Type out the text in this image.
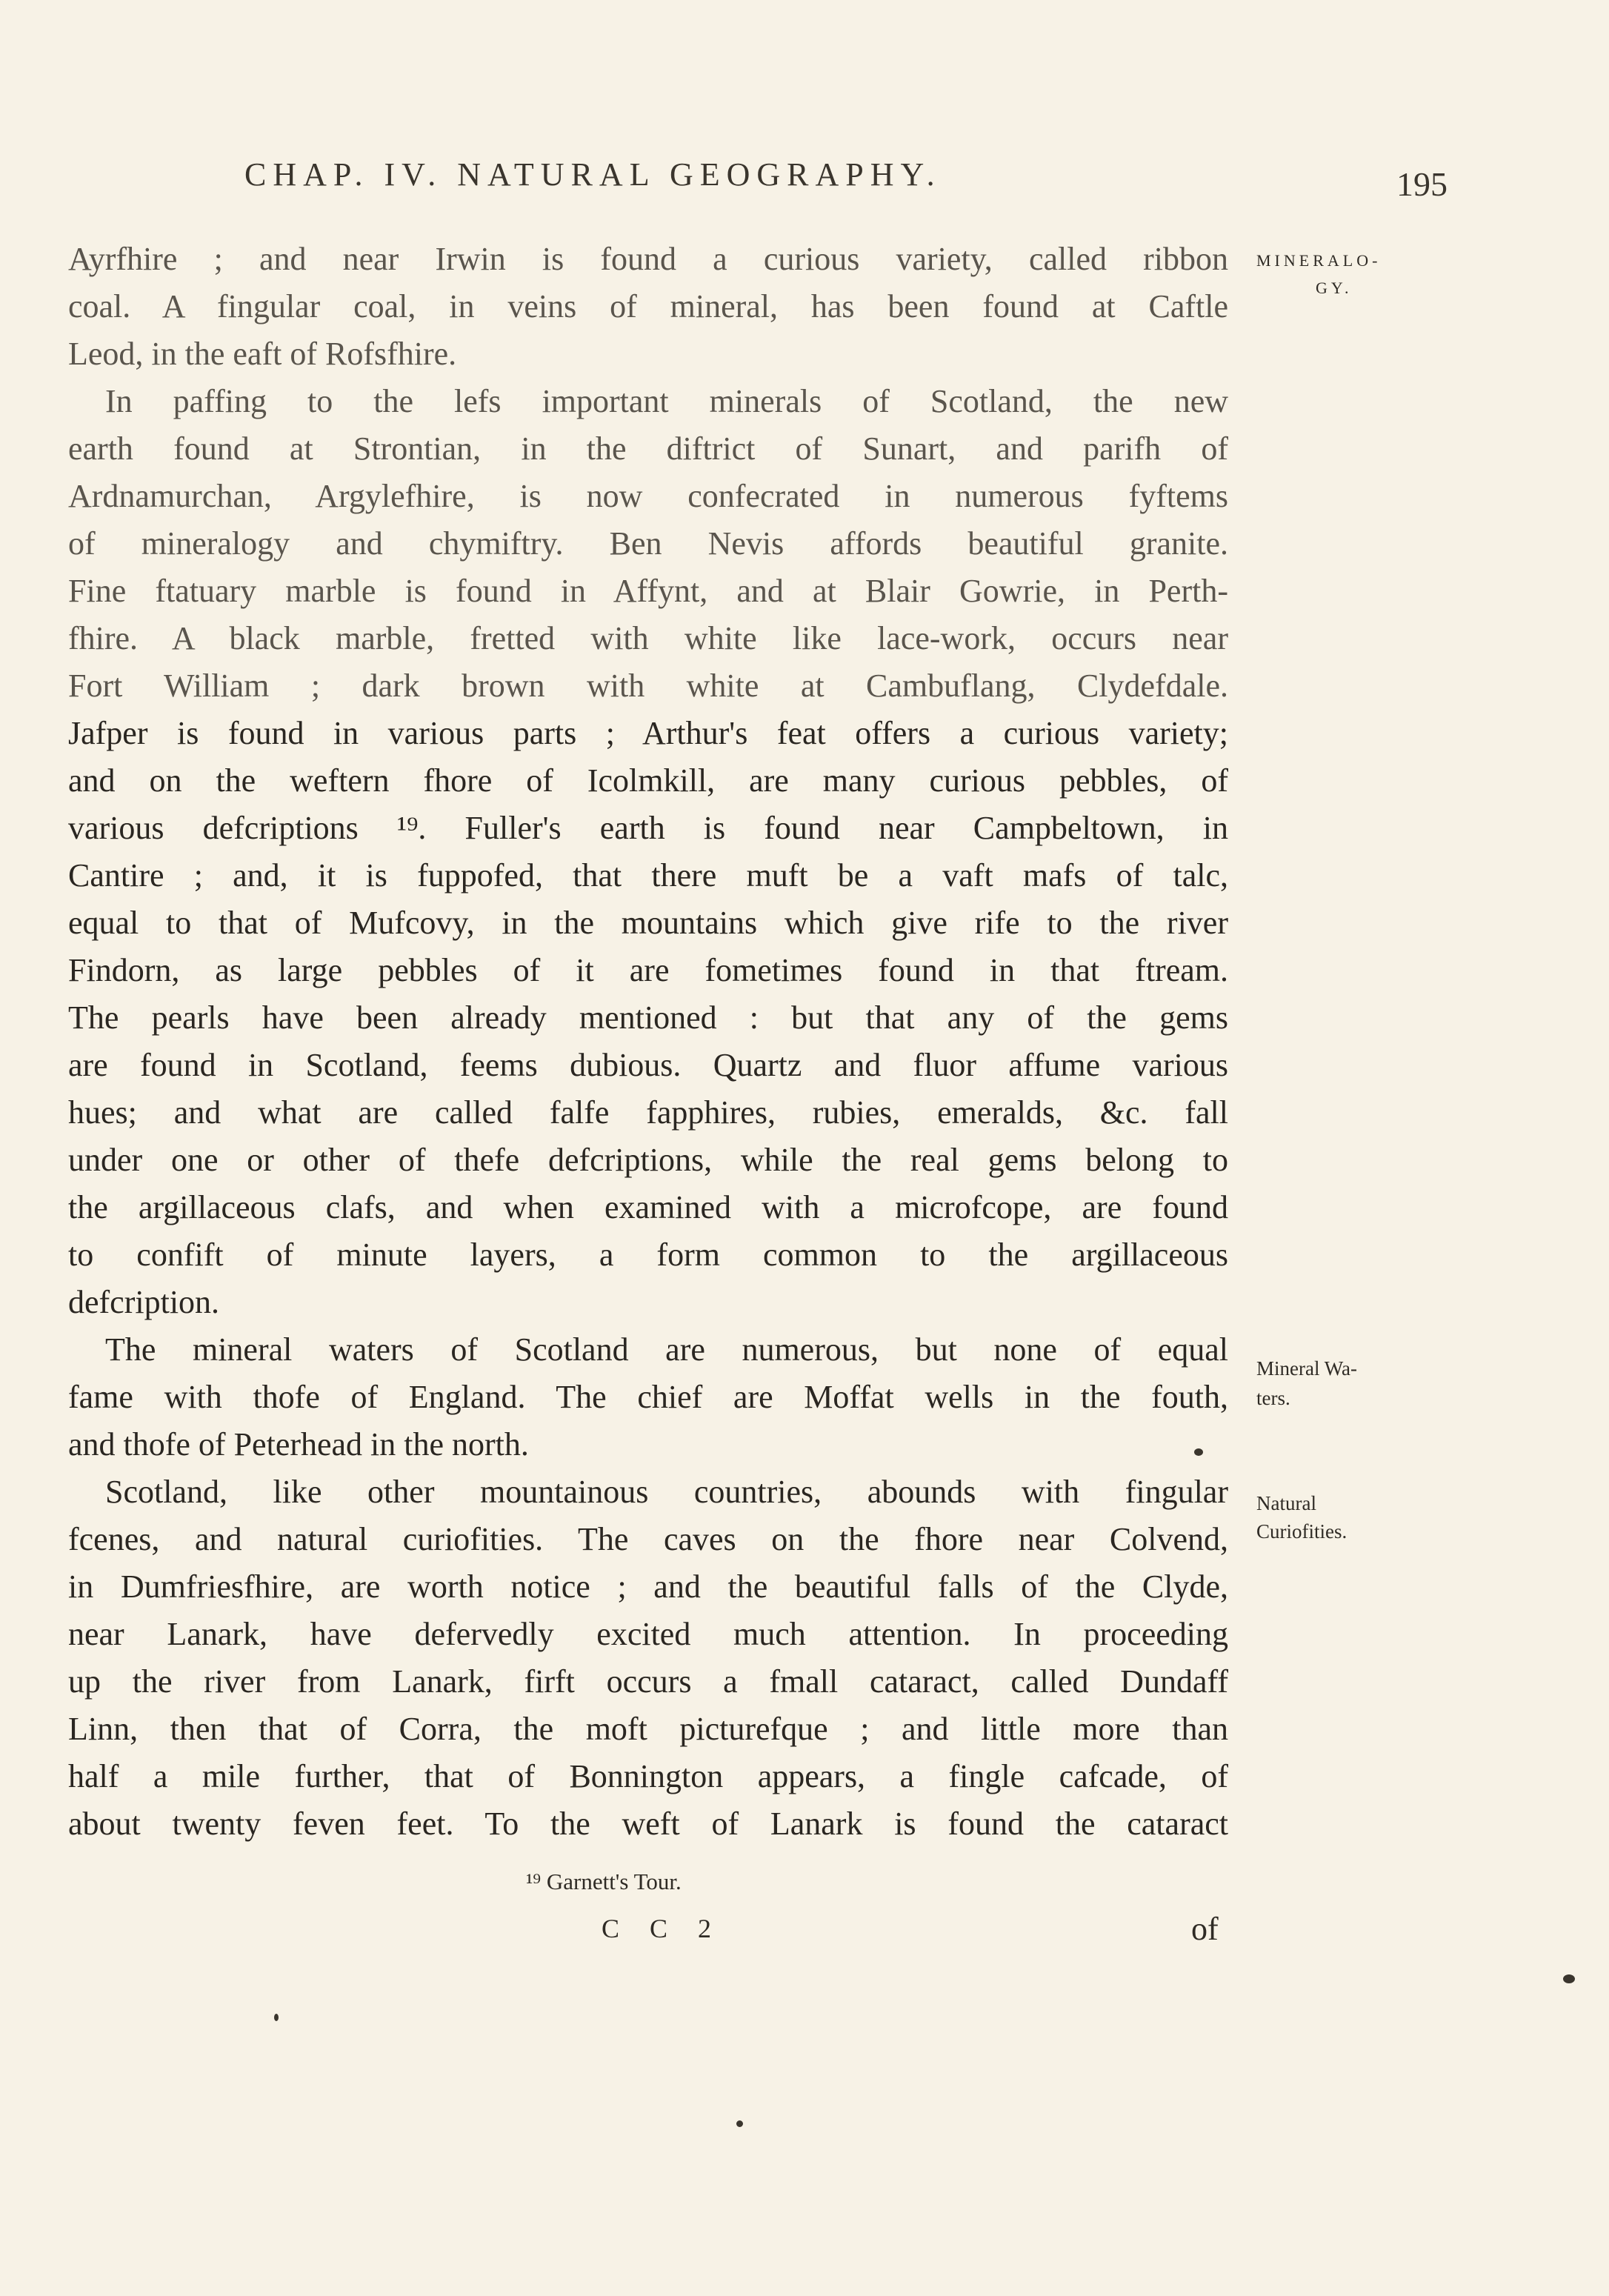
CHAP. IV. NATURAL GEOGRAPHY.	195
Ayrfhire ; and near Irwin is found a curious variety, called ribbon
coal. A fingular coal, in veins of mineral, has been found at Caftle
Leod, in the eaft of Rofsfhire.
In paffing to the lefs important minerals of Scotland, the new
earth found at Strontian, in the diftrict of Sunart, and parifh of
Ardnamurchan, Argylefhire, is now confecrated in numerous fyftems
of mineralogy and chymiftry. Ben Nevis affords beautiful granite.
Fine ftatuary marble is found in Affynt, and at Blair Gowrie, in Perth-
fhire. A black marble, fretted with white like lace-work, occurs near
Fort William ; dark brown with white at Cambuflang, Clydefdale.
Jafper is found in various parts ; Arthur's feat offers a curious variety;
and on the weftern fhore of Icolmkill, are many curious pebbles, of
various defcriptions ¹⁹. Fuller's earth is found near Campbeltown, in
Cantire ; and, it is fuppofed, that there muft be a vaft mafs of talc,
equal to that of Mufcovy, in the mountains which give rife to the river
Findorn, as large pebbles of it are fometimes found in that ftream.
The pearls have been already mentioned : but that any of the gems
are found in Scotland, feems dubious. Quartz and fluor affume various
hues; and what are called falfe fapphires, rubies, emeralds, &c. fall
under one or other of thefe defcriptions, while the real gems belong to
the argillaceous clafs, and when examined with a microfcope, are found
to confift of minute layers, a form common to the argillaceous
defcription.
The mineral waters of Scotland are numerous, but none of equal
fame with thofe of England. The chief are Moffat wells in the fouth,
and thofe of Peterhead in the north.
Scotland, like other mountainous countries, abounds with fingular
fcenes, and natural curiofities. The caves on the fhore near Colvend,
in Dumfriesfhire, are worth notice ; and the beautiful falls of the Clyde,
near Lanark, have defervedly excited much attention. In proceeding
up the river from Lanark, firft occurs a fmall cataract, called Dundaff
Linn, then that of Corra, the moft picturefque ; and little more than
half a mile further, that of Bonnington appears, a fingle cafcade, of
about twenty feven feet. To the weft of Lanark is found the cataract
MINERALO-
GY.
Mineral Wa-
ters.
Natural
Curiofities.
¹⁹ Garnett's Tour.
C C 2	of
